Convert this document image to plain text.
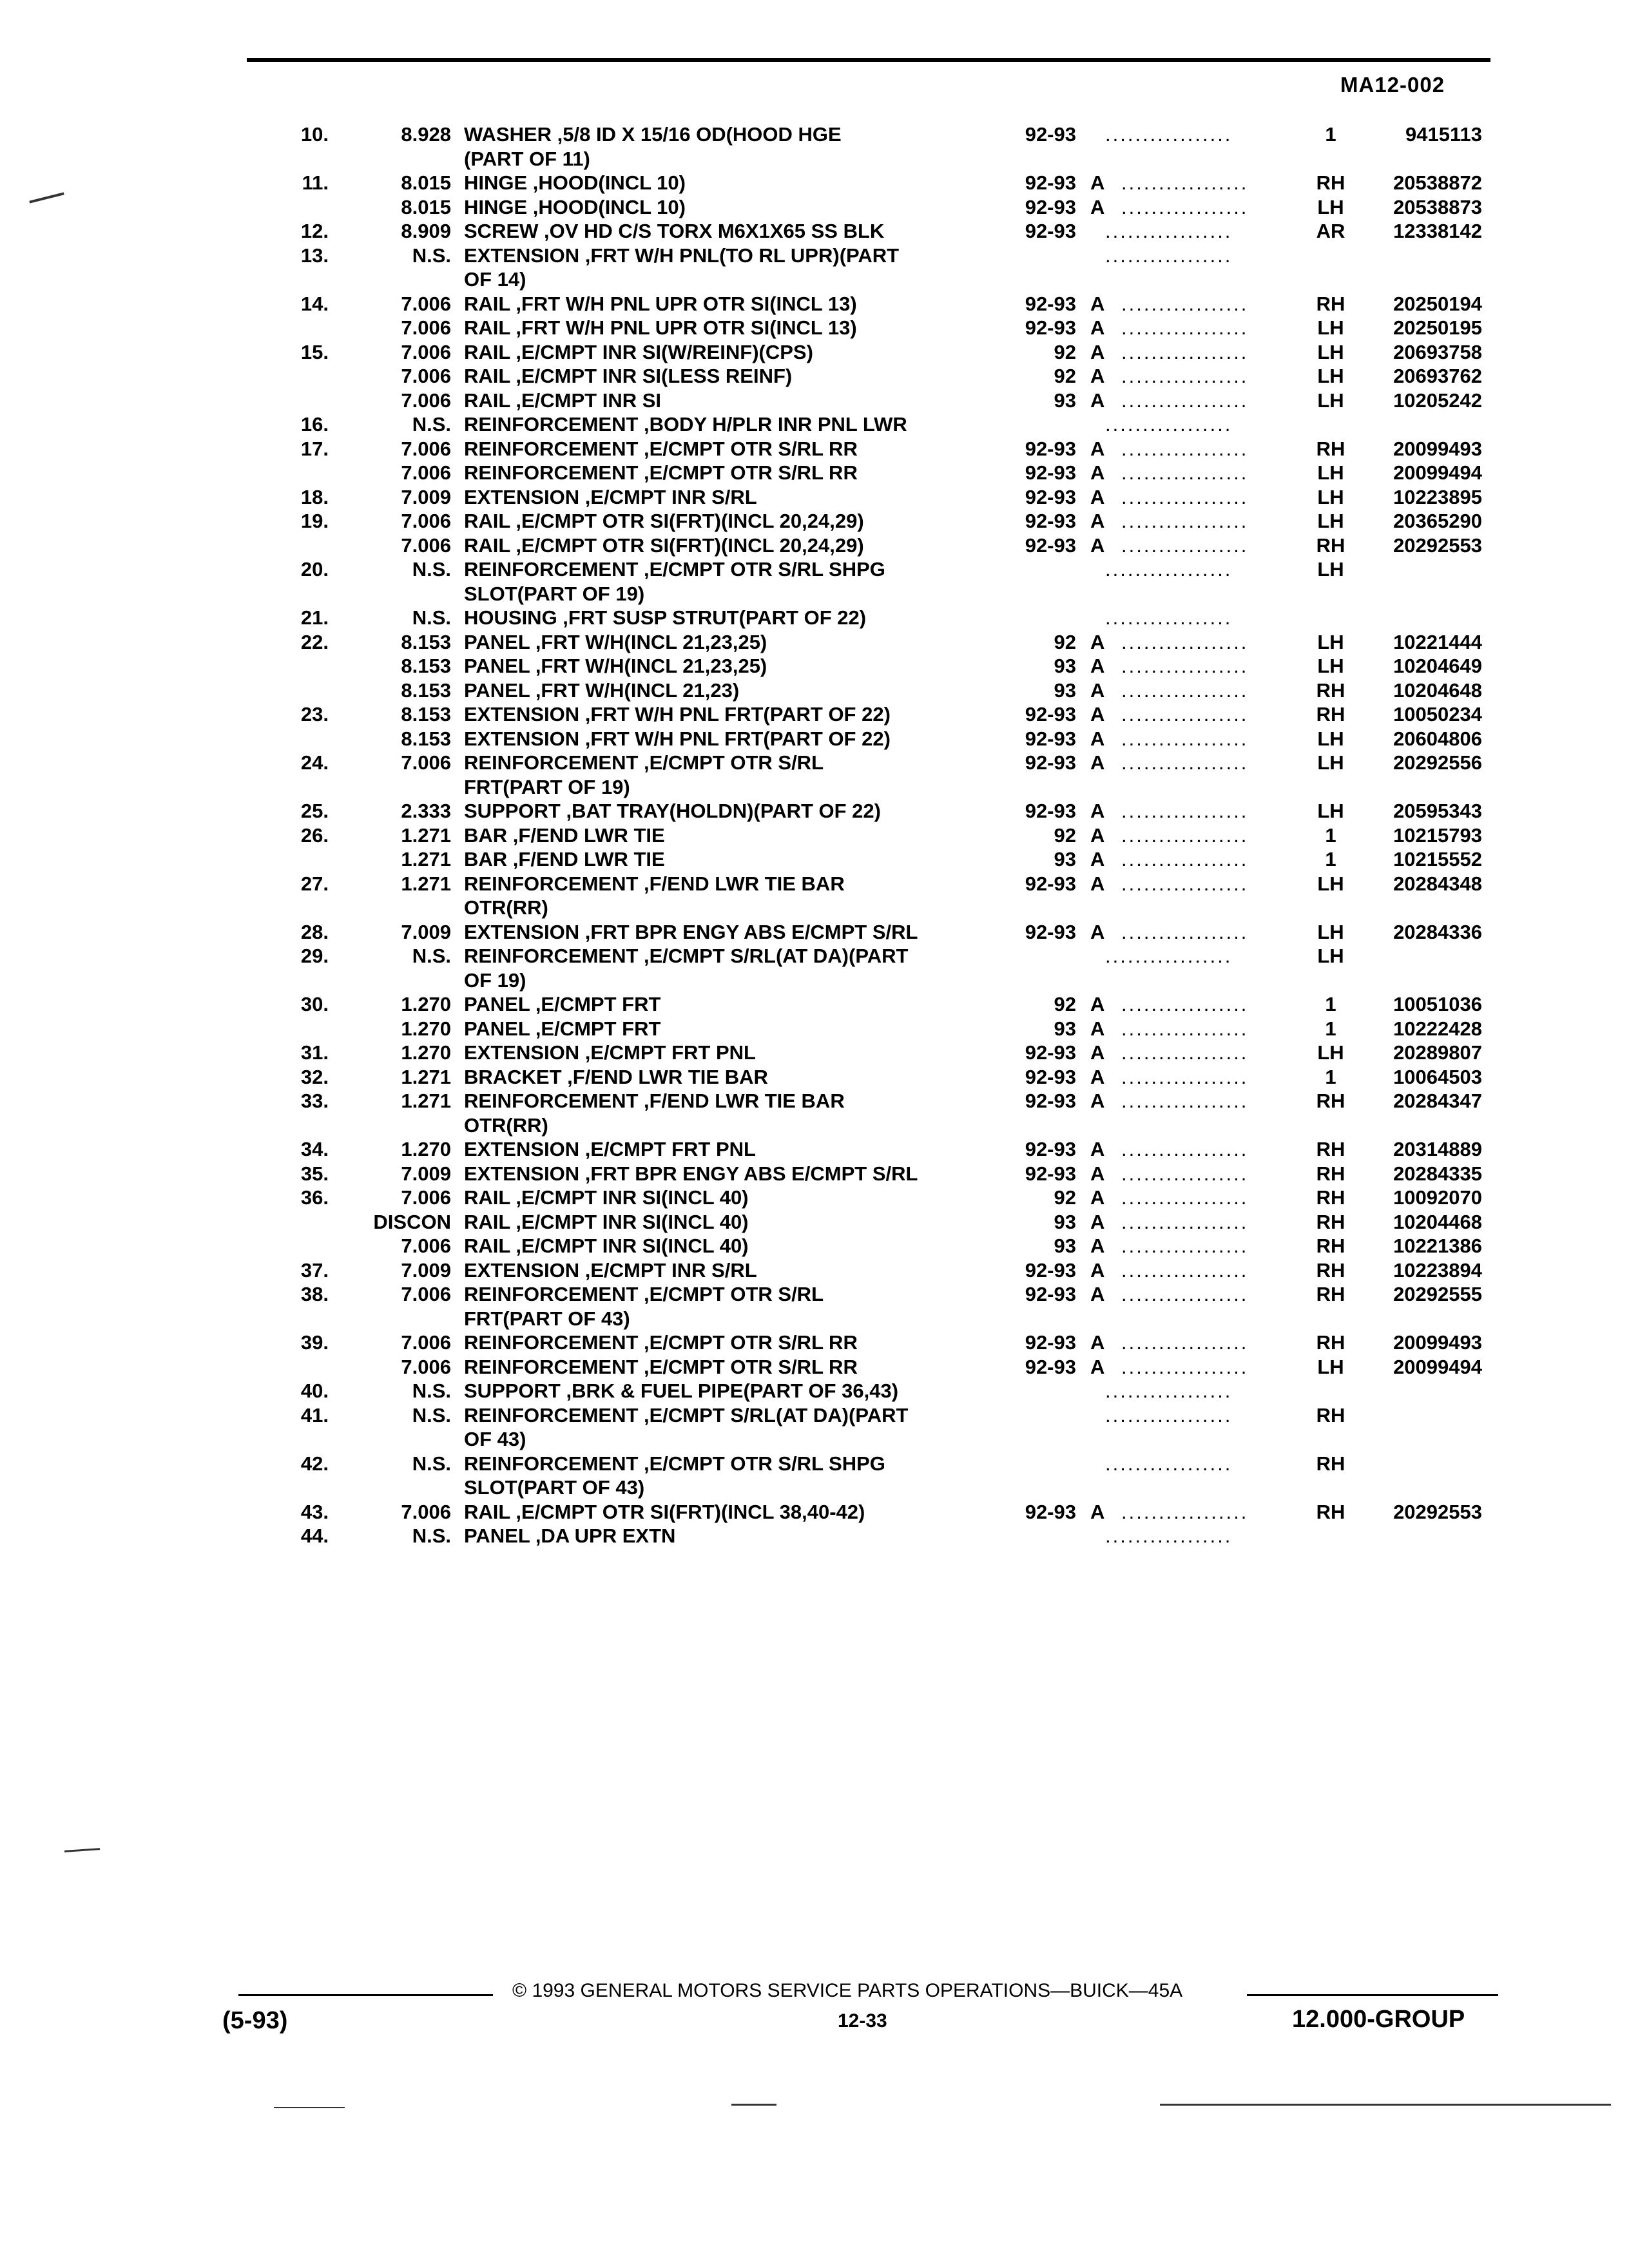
MA12-002
10.	8.928 WASHER ,5/8 ID X 15/16 OD(HOOD HGE	92-93	1	9415113
.................
(PART OF 11)
11.	8.015 HINGE ,HOOD(INCL 10)	92-93 A	RH	20538872
.................
8.015 HINGE ,HOOD(INCL 10)	92-93 A	LH	20538873
.................
12.	8.909 SCREW ,OV HD C/S TORX M6X1X65 SS BLK	92-93	AR	12338142
.................
13.	N.S. EXTENSION ,FRT W/H PNL(TO RL UPR)(PART	.................
OF 14)
14.	7.006 RAIL ,FRT W/H PNL UPR OTR SI(INCL 13)	92-93 A	RH	20250194
.................
7.006 RAIL ,FRT W/H PNL UPR OTR SI(INCL 13)	92-93 A	LH	20250195
.................
15.	7.006 RAIL ,E/CMPT INR SI(W/REINF)(CPS)	92 A	LH	20693758
.................
7.006 RAIL ,E/CMPT INR SI(LESS REINF)	92 A	LH	20693762
.................
7.006 RAIL ,E/CMPT INR SI	93 A	LH	10205242
.................
16.	N.S. REINFORCEMENT ,BODY H/PLR INR PNL LWR	.................
17.	7.006 REINFORCEMENT ,E/CMPT OTR S/RL RR	92-93 A	RH	20099493
.................
7.006 REINFORCEMENT ,E/CMPT OTR S/RL RR	92-93 A	LH	20099494
.................
18.	7.009 EXTENSION ,E/CMPT INR S/RL	92-93 A	LH	10223895
.................
19.	7.006 RAIL ,E/CMPT OTR SI(FRT)(INCL 20,24,29)	92-93 A	LH	20365290
.................
7.006 RAIL ,E/CMPT OTR SI(FRT)(INCL 20,24,29)	92-93 A	RH	20292553
.................
20.	N.S. REINFORCEMENT ,E/CMPT OTR S/RL SHPG	LH
.................
SLOT(PART OF 19)
21.	N.S. HOUSING ,FRT SUSP STRUT(PART OF 22)	.................
22.	8.153 PANEL ,FRT W/H(INCL 21,23,25)	92 A	LH	10221444
.................
8.153 PANEL ,FRT W/H(INCL 21,23,25)	93 A	LH	10204649
.................
8.153 PANEL ,FRT W/H(INCL 21,23)	93 A	RH	10204648
.................
23.	8.153 EXTENSION ,FRT W/H PNL FRT(PART OF 22)	92-93 A	RH	10050234
.................
8.153 EXTENSION ,FRT W/H PNL FRT(PART OF 22)	92-93 A	LH	20604806
.................
24.	7.006 REINFORCEMENT ,E/CMPT OTR S/RL	92-93 A	LH	20292556
.................
FRT(PART OF 19)
25.	2.333 SUPPORT ,BAT TRAY(HOLDN)(PART OF 22)	92-93 A	LH	20595343
.................
26.	1.271 BAR ,F/END LWR TIE	92 A	1	10215793
.................
1.271 BAR ,F/END LWR TIE	93 A	1	10215552
.................
27.	1.271 REINFORCEMENT ,F/END LWR TIE BAR	92-93 A	LH	20284348
.................
OTR(RR)
28.	7.009 EXTENSION ,FRT BPR ENGY ABS E/CMPT S/RL	92-93 A	LH	20284336
.................
29.	N.S. REINFORCEMENT ,E/CMPT S/RL(AT DA)(PART	LH
.................
OF 19)
30.	1.270 PANEL ,E/CMPT FRT	92 A	1	10051036
.................
1.270 PANEL ,E/CMPT FRT	93 A	1	10222428
.................
31.	1.270 EXTENSION ,E/CMPT FRT PNL	92-93 A	LH	20289807
.................
32.	1.271 BRACKET ,F/END LWR TIE BAR	92-93 A	1	10064503
.................
33.	1.271 REINFORCEMENT ,F/END LWR TIE BAR	92-93 A	RH	20284347
.................
OTR(RR)
34.	1.270 EXTENSION ,E/CMPT FRT PNL	92-93 A	RH	20314889
.................
35.	7.009 EXTENSION ,FRT BPR ENGY ABS E/CMPT S/RL	92-93 A	RH	20284335
.................
36.	7.006 RAIL ,E/CMPT INR SI(INCL 40)	92 A	RH	10092070
.................
DISCON RAIL ,E/CMPT INR SI(INCL 40)	93 A	RH	10204468
.................
7.006 RAIL ,E/CMPT INR SI(INCL 40)	93 A	RH	10221386
.................
37.	7.009 EXTENSION ,E/CMPT INR S/RL	92-93 A	RH	10223894
.................
38.	7.006 REINFORCEMENT ,E/CMPT OTR S/RL	92-93 A	RH	20292555
.................
FRT(PART OF 43)
39.	7.006 REINFORCEMENT ,E/CMPT OTR S/RL RR	92-93 A	RH	20099493
.................
7.006 REINFORCEMENT ,E/CMPT OTR S/RL RR	92-93 A	LH	20099494
.................
40.	N.S. SUPPORT ,BRK & FUEL PIPE(PART OF 36,43)	.................
41.	N.S. REINFORCEMENT ,E/CMPT S/RL(AT DA)(PART	RH
.................
OF 43)
42.	N.S. REINFORCEMENT ,E/CMPT OTR S/RL SHPG	RH
.................
SLOT(PART OF 43)
43.	7.006 RAIL ,E/CMPT OTR SI(FRT)(INCL 38,40-42)	92-93 A	RH	20292553
.................
44.	N.S. PANEL ,DA UPR EXTN	.................
© 1993 GENERAL MOTORS SERVICE PARTS OPERATIONS—BUICK—45A
(5-93)	12-33	12.000-GROUP
